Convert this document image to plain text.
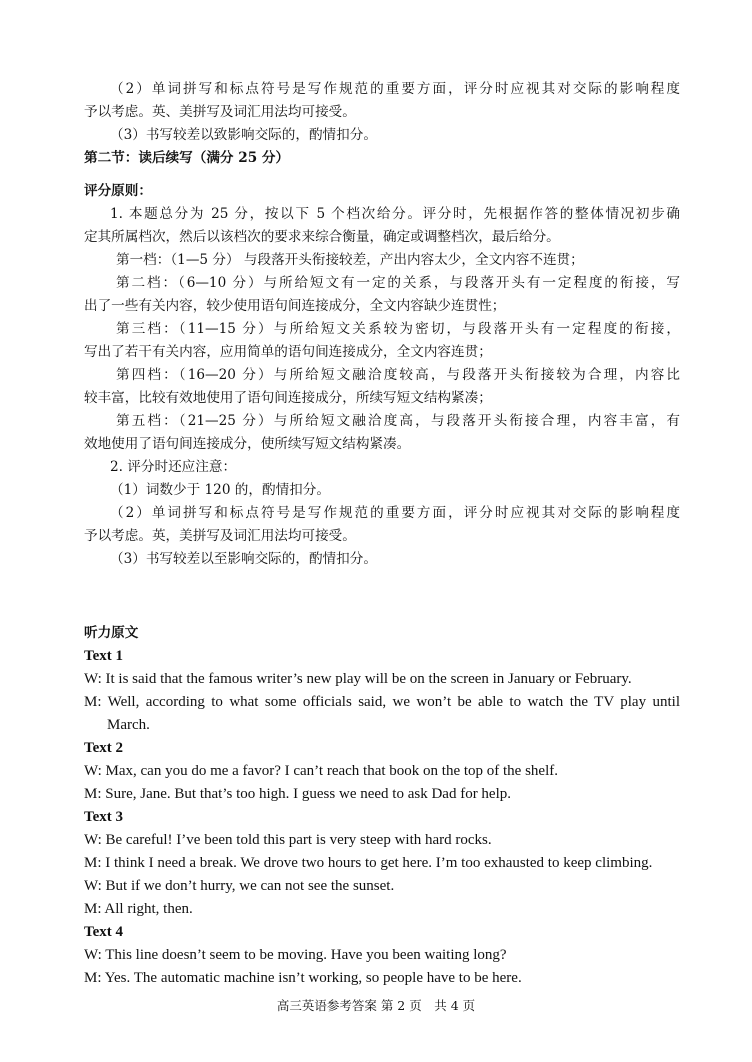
（2）单词拼写和标点符号是写作规范的重要方面，评分时应视其对交际的影响程度
予以考虑。英、美拼写及词汇用法均可接受。
（3）书写较差以致影响交际的，酌情扣分。
第二节：读后续写（满分 25 分）
评分原则：
1. 本题总分为 25 分，按以下 5 个档次给分。评分时，先根据作答的整体情况初步确
定其所属档次，然后以该档次的要求来综合衡量，确定或调整档次，最后给分。
第一档：（1—5 分） 与段落开头衔接较差，产出内容太少，全文内容不连贯；
第二档：（6—10 分）与所给短文有一定的关系，与段落开头有一定程度的衔接，写
出了一些有关内容，较少使用语句间连接成分，全文内容缺少连贯性；
第三档：（11—15 分）与所给短文关系较为密切，与段落开头有一定程度的衔接，
写出了若干有关内容，应用简单的语句间连接成分，全文内容连贯；
第四档：（16—20 分）与所给短文融洽度较高，与段落开头衔接较为合理，内容比
较丰富，比较有效地使用了语句间连接成分，所续写短文结构紧凑；
第五档：（21—25 分）与所给短文融洽度高，与段落开头衔接合理，内容丰富，有
效地使用了语句间连接成分，使所续写短文结构紧凑。
2. 评分时还应注意：
（1）词数少于 120 的，酌情扣分。
（2）单词拼写和标点符号是写作规范的重要方面，评分时应视其对交际的影响程度
予以考虑。英，美拼写及词汇用法均可接受。
（3）书写较差以至影响交际的，酌情扣分。
听力原文
Text 1
W: It is said that the famous writer’s new play will be on the screen in January or February.
M: Well, according to what some officials said, we won’t be able to watch the TV play until
March.
Text 2
W: Max, can you do me a favor? I can’t reach that book on the top of the shelf.
M: Sure, Jane. But that’s too high. I guess we need to ask Dad for help.
Text 3
W: Be careful! I’ve been told this part is very steep with hard rocks.
M: I think I need a break. We drove two hours to get here. I’m too exhausted to keep climbing.
W: But if we don’t hurry, we can not see the sunset.
M: All right, then.
Text 4
W: This line doesn’t seem to be moving. Have you been waiting long?
M: Yes. The automatic machine isn’t working, so people have to be here.
高三英语参考答案 第 2 页　共 4 页
